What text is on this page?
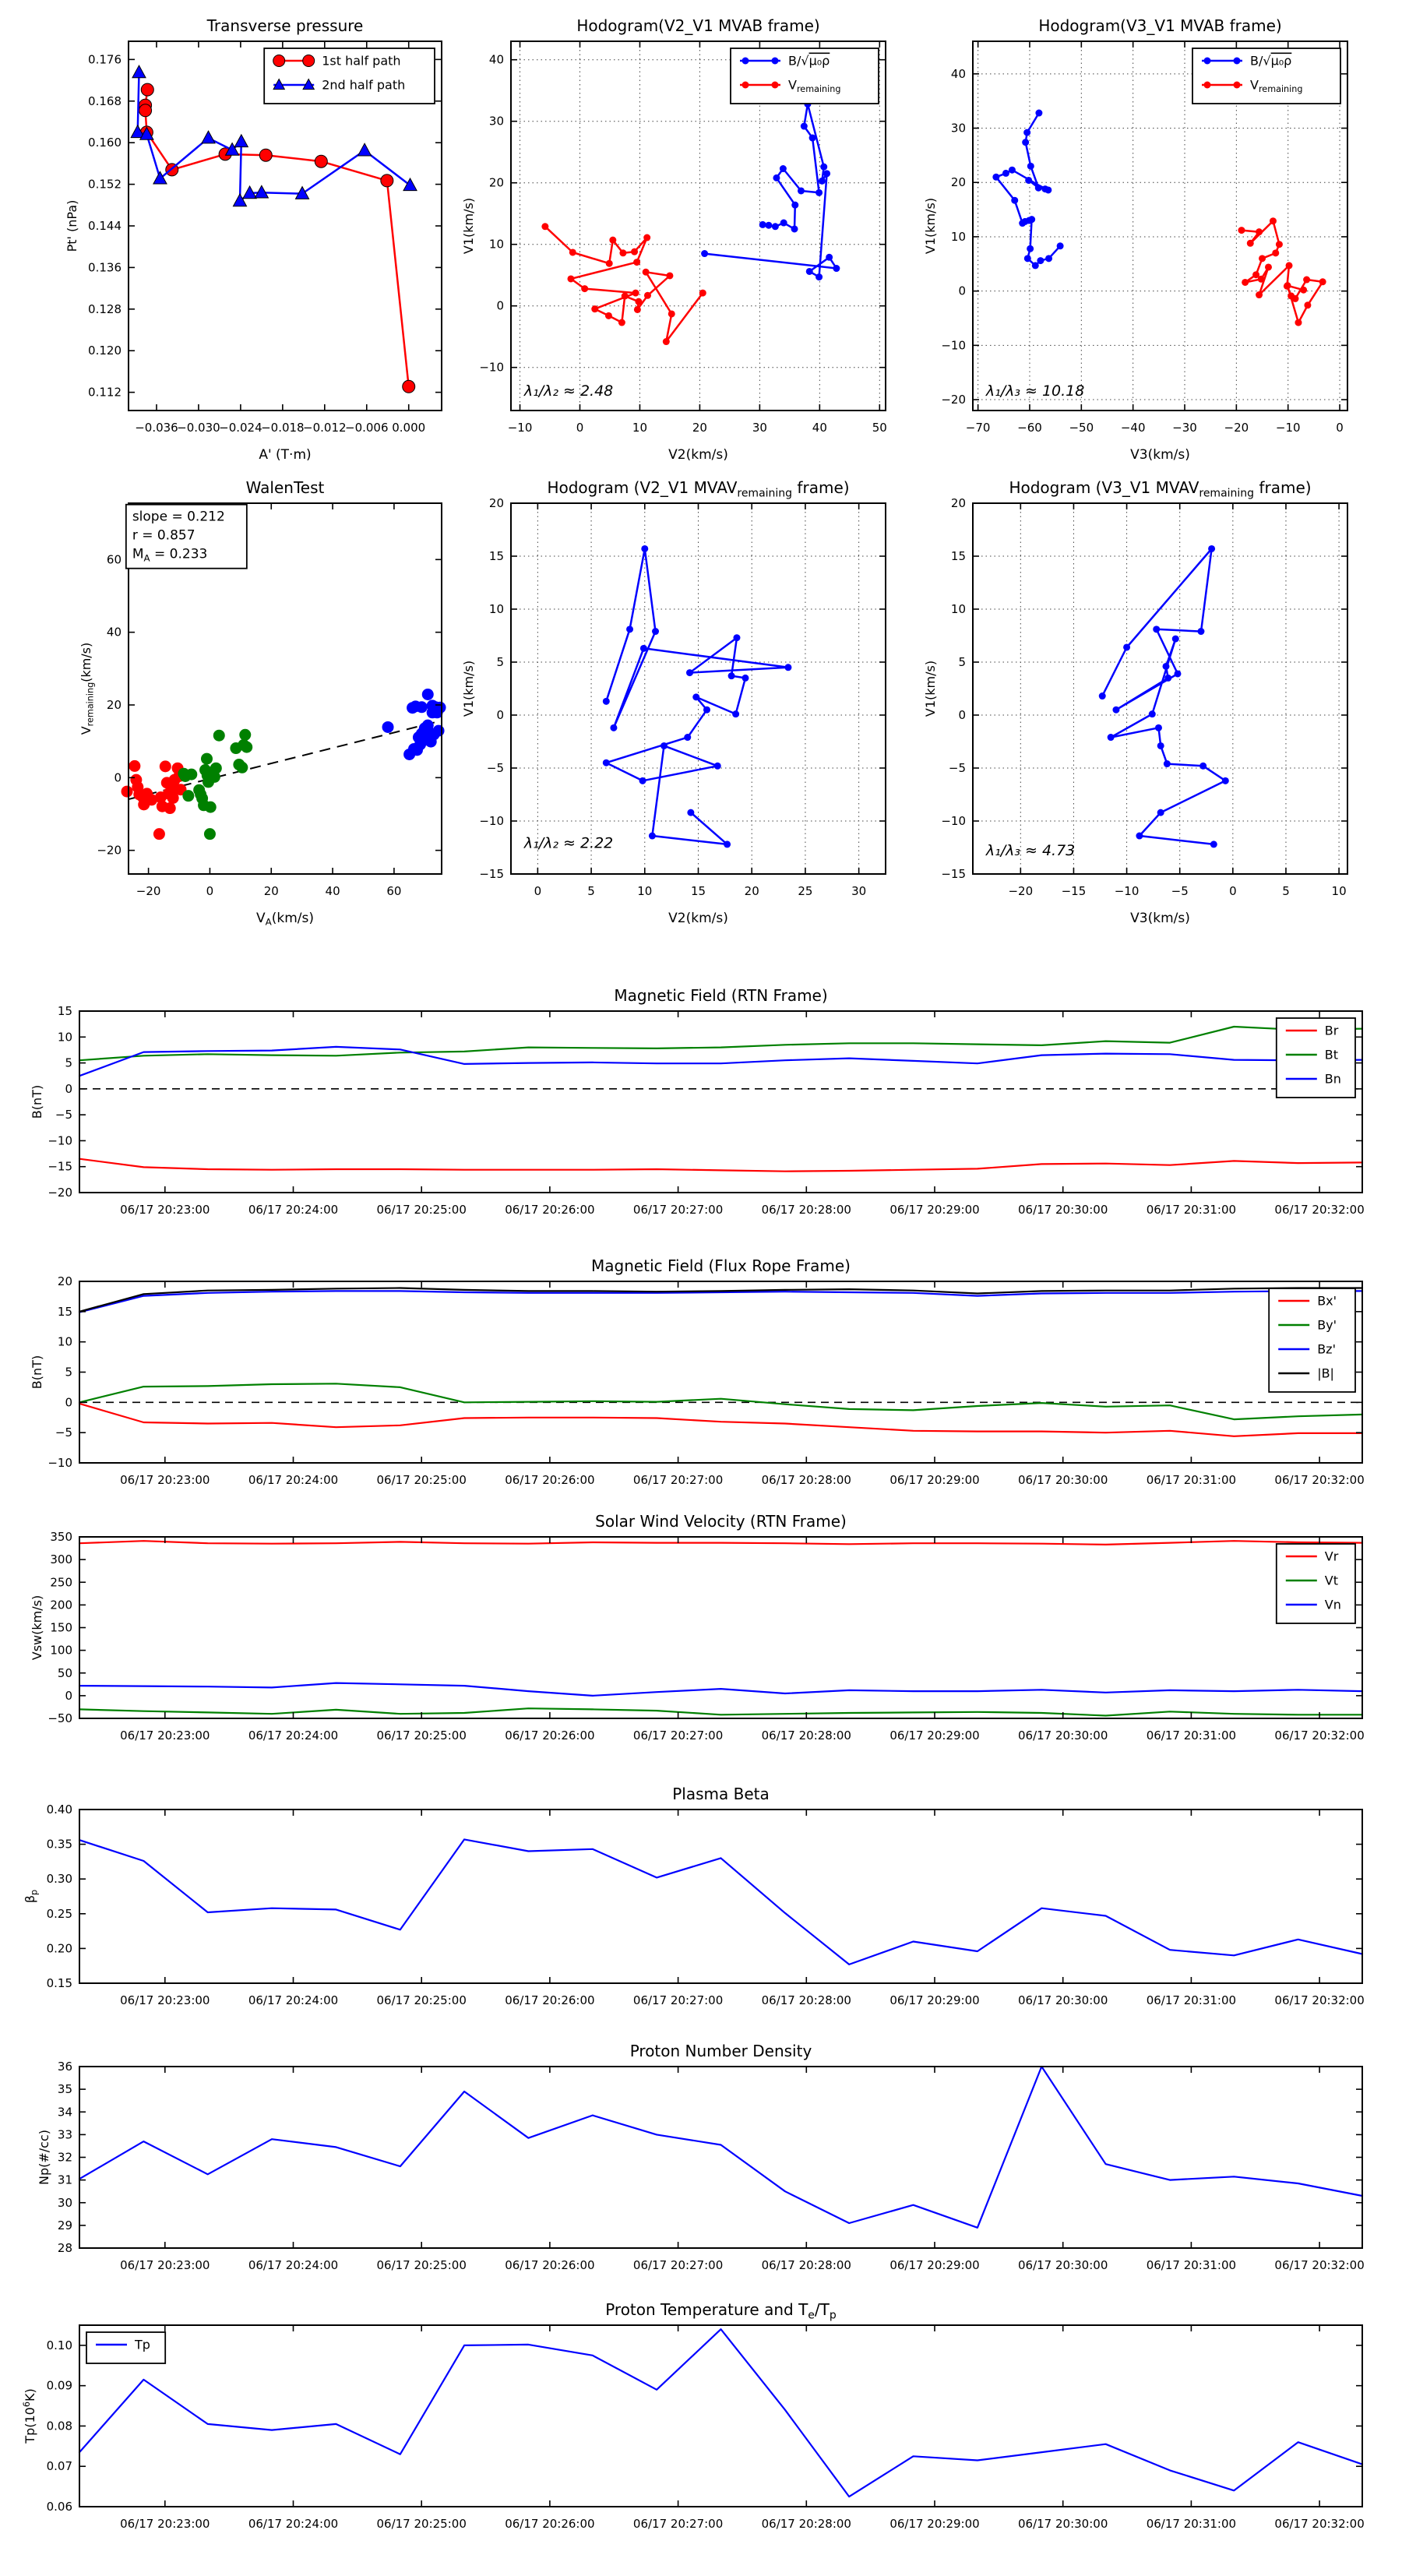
−0.036
−0.030
−0.024
−0.018
−0.012
−0.006 0.000
0.112
0.120
0.128
0.136
0.144
0.152
0.160
0.168
0.176
Transverse pressure
A' (T·m)
Pt' (nPa)
1st half path
2nd half path
−10	0	10	20	30	40	50
−10
0
10
20
30
40
Hodogram(V2_V1 MVAB frame)
V2(km/s)
V1(km/s)
B/√μ₀ρ
$V_{remaining}$
λ₁/λ₂ ≈ 2.48
−70 −60 −50 −40 −30 −20 −10	0
−20
−10
0
10
20
30
40
Hodogram(V3_V1 MVAB frame)
V3(km/s)
V1(km/s)
B/√μ₀ρ
$V_{remaining}$
λ₁/λ₃ ≈ 10.18
−20	0	20	40	60
−20
0
20
40
60
WalenTest
$V_A(km/s)$
$V_{remaining}(km/s)$
slope = 0.212
r = 0.857
$M_A = 0.233$
0	5	10	15	20	25	30
−15
−10
−5
0
5
10
15
20
Hodogram (V2_V1 $MVAV_{remaining}$ frame)
V2(km/s)
V1(km/s)
λ₁/λ₂ ≈ 2.22
−20 −15 −10	−5	0	5	10
−15
−10
−5
0
5
10
15
20
Hodogram (V3_V1 $MVAV_{remaining}$ frame)
V3(km/s)
V1(km/s)
λ₁/λ₃ ≈ 4.73
06/17 20:23:00	06/17 20:24:00	06/17 20:25:00	06/17 20:26:00	06/17 20:27:00	06/17 20:28:00	06/17 20:29:00	06/17 20:30:00	06/17 20:31:00	06/17 20:32:00
−20
−15
−10
−5
0
5
10
15
Magnetic Field (RTN Frame)
B(nT)
Br
Bt
Bn
06/17 20:23:00	06/17 20:24:00	06/17 20:25:00	06/17 20:26:00	06/17 20:27:00	06/17 20:28:00	06/17 20:29:00	06/17 20:30:00	06/17 20:31:00	06/17 20:32:00
−10
−5
0
5
10
15
20
Magnetic Field (Flux Rope Frame)
B(nT)
Bx'
By'
Bz'
|B|
06/17 20:23:00	06/17 20:24:00	06/17 20:25:00	06/17 20:26:00	06/17 20:27:00	06/17 20:28:00	06/17 20:29:00	06/17 20:30:00	06/17 20:31:00	06/17 20:32:00
−50
0
50
100
150
200
250
300
350
Solar Wind Velocity (RTN Frame)
Vsw(km/s)
Vr
Vt
Vn
06/17 20:23:00	06/17 20:24:00	06/17 20:25:00	06/17 20:26:00	06/17 20:27:00	06/17 20:28:00	06/17 20:29:00	06/17 20:30:00	06/17 20:31:00	06/17 20:32:00
0.15
0.20
0.25
0.30
0.35
0.40
Plasma Beta
$\beta_p$
06/17 20:23:00	06/17 20:24:00	06/17 20:25:00	06/17 20:26:00	06/17 20:27:00	06/17 20:28:00	06/17 20:29:00	06/17 20:30:00	06/17 20:31:00	06/17 20:32:00
28
29
30
31
32
33
34
35
36
Proton Number Density
Np(#/cc)
06/17 20:23:00	06/17 20:24:00	06/17 20:25:00	06/17 20:26:00	06/17 20:27:00	06/17 20:28:00	06/17 20:29:00	06/17 20:30:00	06/17 20:31:00	06/17 20:32:00
0.06
0.07
0.08
0.09
0.10
Proton Temperature and $T_e/T_p$
$Tp(10^6K)$
Tp
